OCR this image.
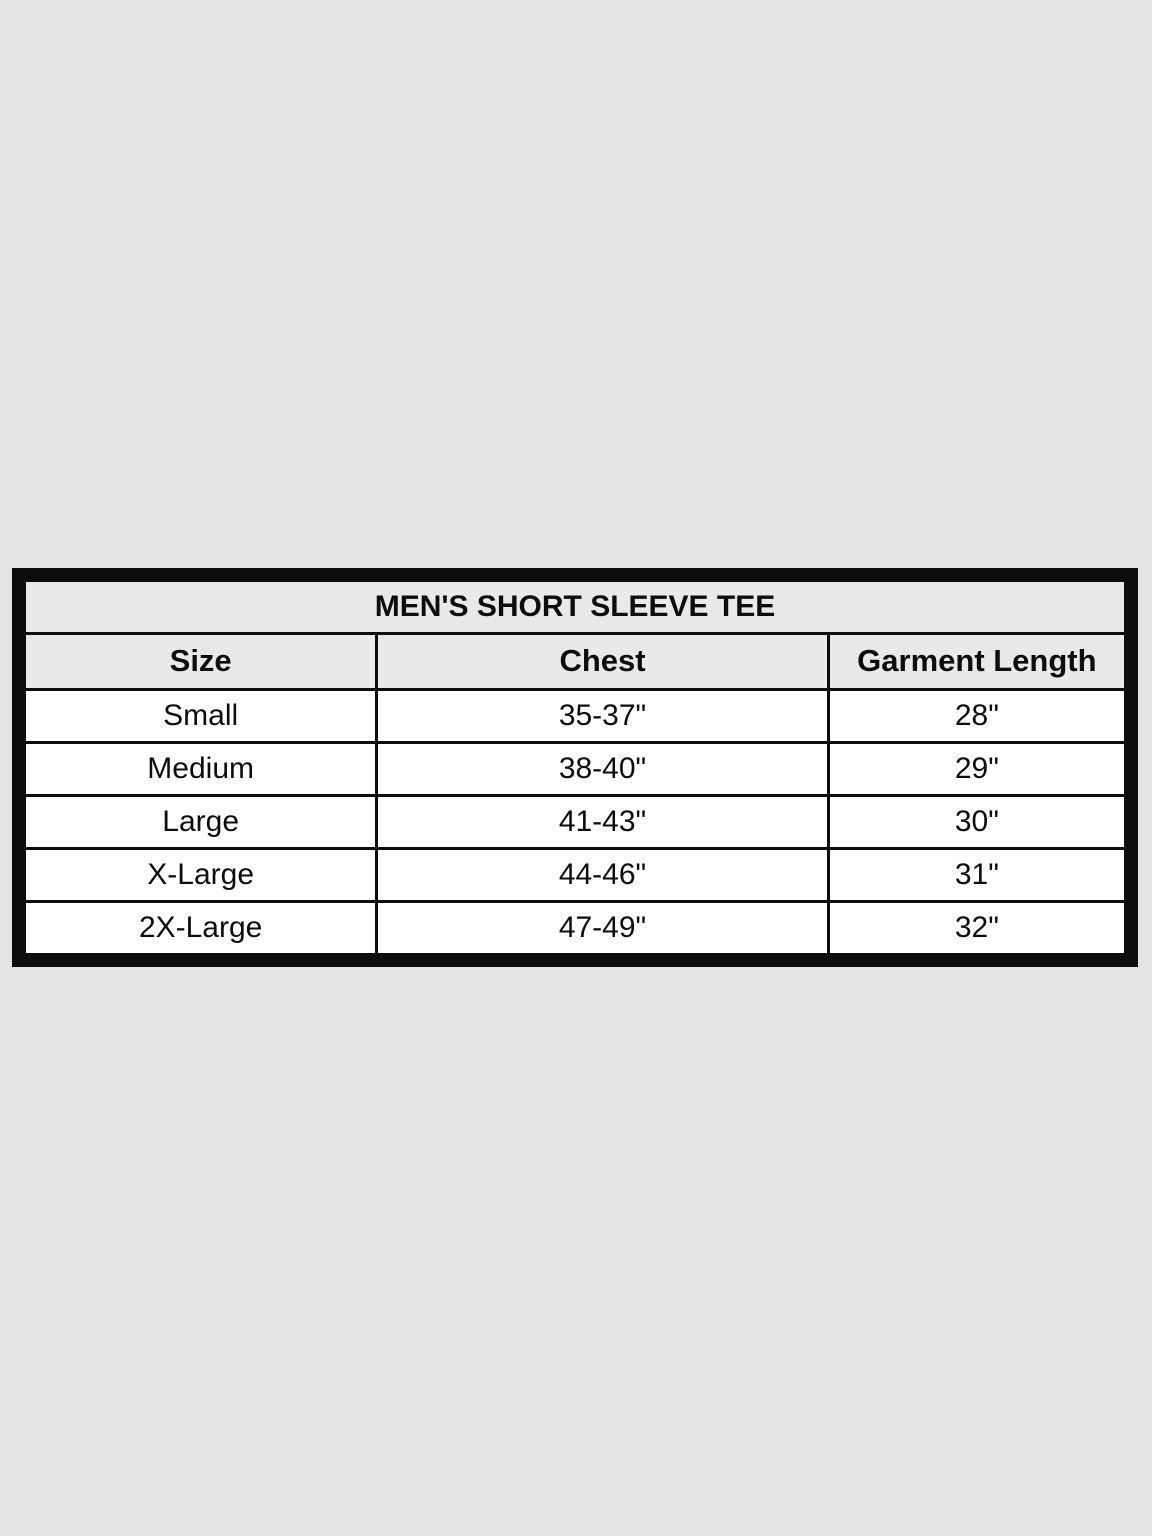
MEN'S SHORT SLEEVE TEE		
Size	Chest	Garment Length
Small	35-37"	28"
Medium	38-40"	29"
Large	41-43"	30"
X-Large	44-46"	31"
2X-Large	47-49"	32"
